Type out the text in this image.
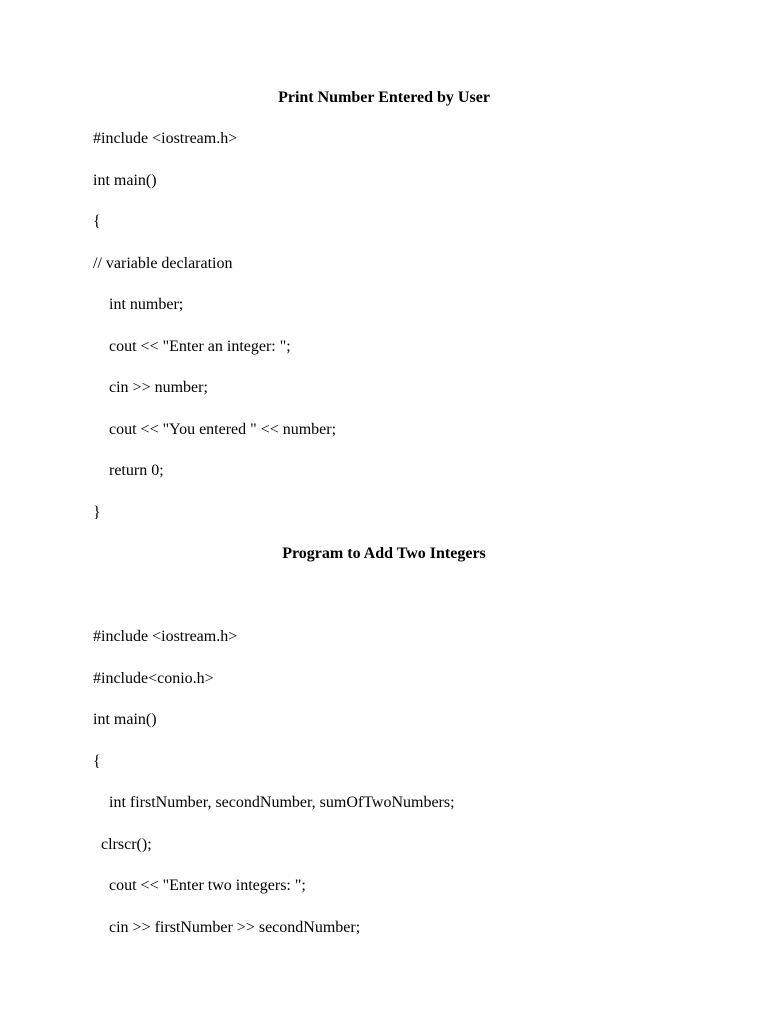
Print Number Entered by User

#include <iostream.h>

int main()

{

// variable declaration

int number;

cout << "Enter an integer: ";

cin >> number;

cout << "You entered " << number;

return 0;

}

Program to Add Two Integers

#include <iostream.h>

#include<conio.h>

int main()

{

int firstNumber, secondNumber, sumOfTwoNumbers;

clrscr();

cout << "Enter two integers: ";

cin >> firstNumber >> secondNumber;
